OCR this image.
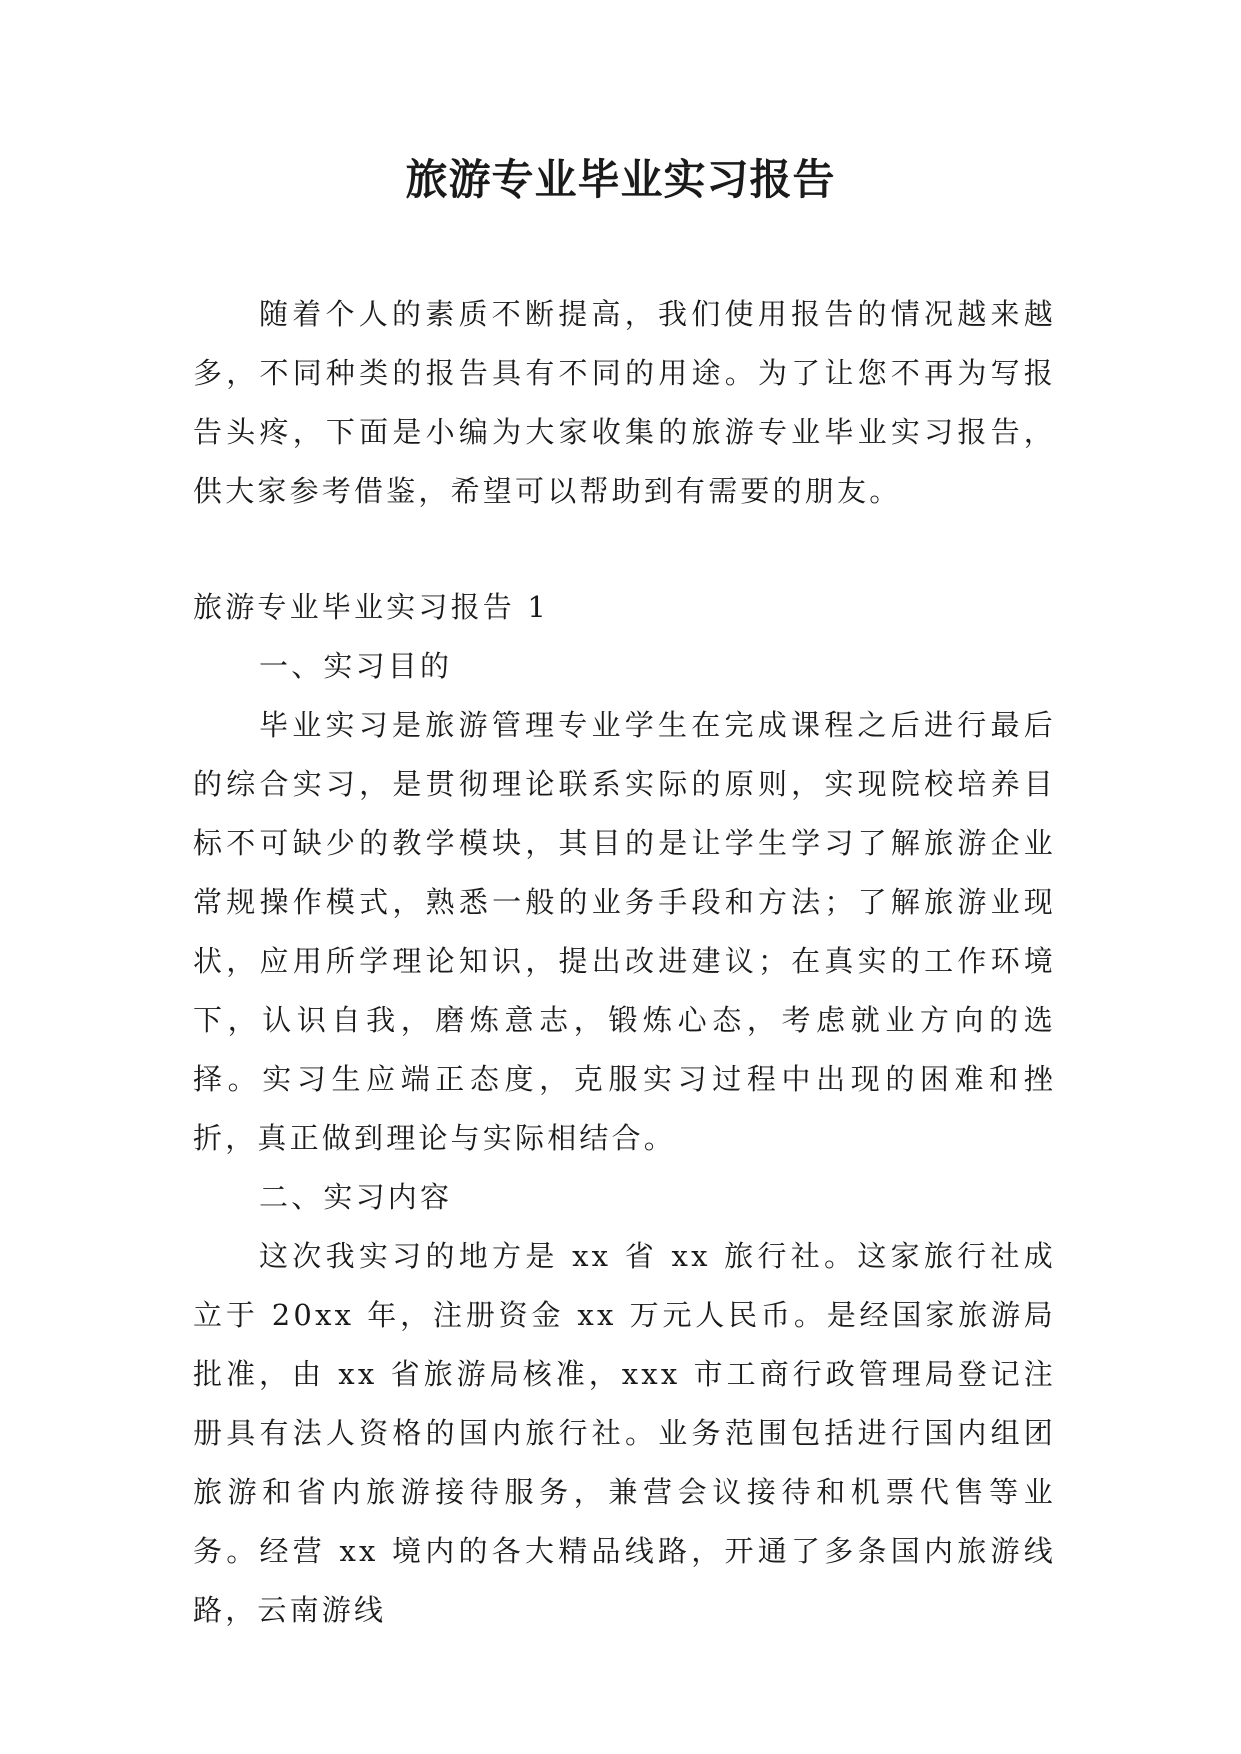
旅游专业毕业实习报告

随着个人的素质不断提高，我们使用报告的情况越来越多，不同种类的报告具有不同的用途。为了让您不再为写报告头疼，下面是小编为大家收集的旅游专业毕业实习报告，供大家参考借鉴，希望可以帮助到有需要的朋友。

旅游专业毕业实习报告 1

一、实习目的

毕业实习是旅游管理专业学生在完成课程之后进行最后的综合实习，是贯彻理论联系实际的原则，实现院校培养目标不可缺少的教学模块，其目的是让学生学习了解旅游企业常规操作模式，熟悉一般的业务手段和方法；了解旅游业现状，应用所学理论知识，提出改进建议；在真实的工作环境下，认识自我，磨炼意志，锻炼心态，考虑就业方向的选择。实习生应端正态度，克服实习过程中出现的困难和挫折，真正做到理论与实际相结合。

二、实习内容

这次我实习的地方是 xx 省 xx 旅行社。这家旅行社成立于 20xx 年，注册资金 xx 万元人民币。是经国家旅游局批准，由 xx 省旅游局核准，xxx 市工商行政管理局登记注册具有法人资格的国内旅行社。业务范围包括进行国内组团旅游和省内旅游接待服务，兼营会议接待和机票代售等业务。经营 xx 境内的各大精品线路，开通了多条国内旅游线路，云南游线
